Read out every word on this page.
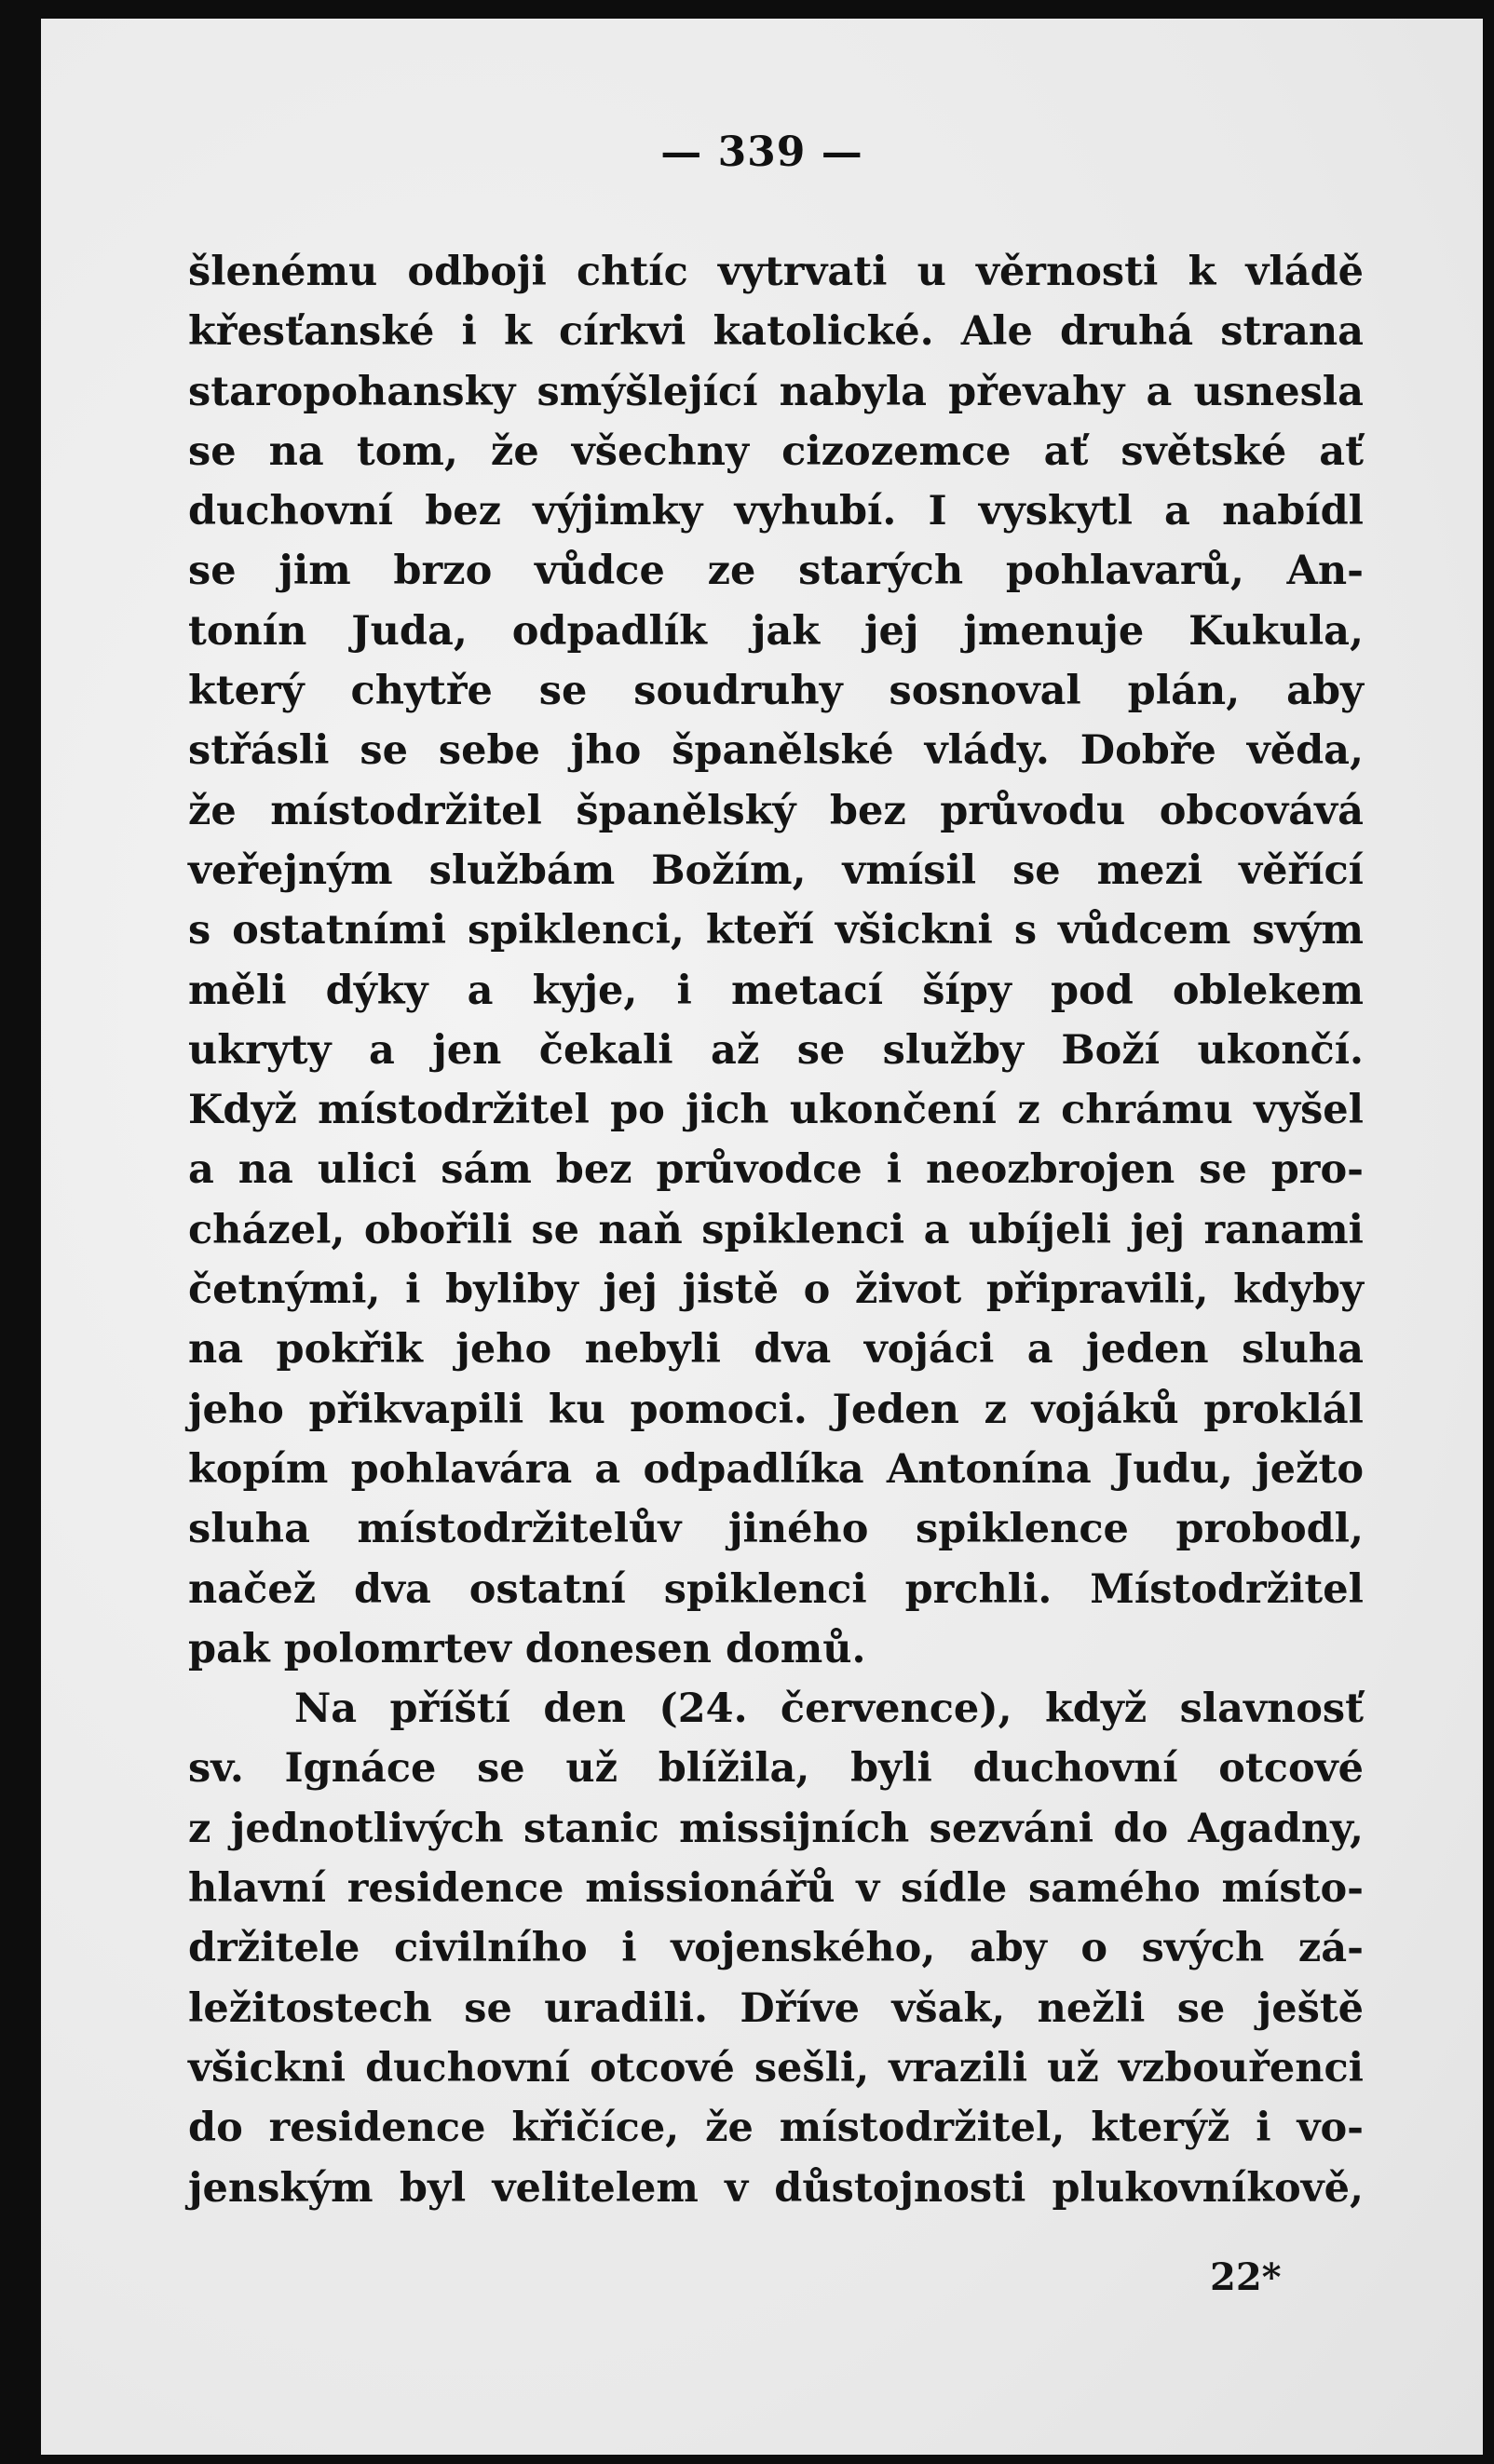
— 339 —
šlenému odboji chtíc vytrvati u věrnosti k vládě
křesťanské i k církvi katolické. Ale druhá strana
staropohansky smýšlející nabyla převahy a usnesla
se na tom, že všechny cizozemce ať světské ať
duchovní bez výjimky vyhubí. I vyskytl a nabídl
se jim brzo vůdce ze starých pohlavarů, An-
tonín Juda, odpadlík jak jej jmenuje Kukula,
který chytře se soudruhy sosnoval plán, aby
střásli se sebe jho španělské vlády. Dobře věda,
že místodržitel španělský bez průvodu obcovává
veřejným službám Božím, vmísil se mezi věřící
s ostatními spiklenci, kteří všickni s vůdcem svým
měli dýky a kyje, i metací šípy pod oblekem
ukryty a jen čekali až se služby Boží ukončí.
Když místodržitel po jich ukončení z chrámu vyšel
a na ulici sám bez průvodce i neozbrojen se pro-
cházel, obořili se naň spiklenci a ubíjeli jej ranami
četnými, i byliby jej jistě o život připravili, kdyby
na pokřik jeho nebyli dva vojáci a jeden sluha
jeho přikvapili ku pomoci. Jeden z vojáků proklál
kopím pohlavára a odpadlíka Antonína Judu, ježto
sluha místodržitelův jiného spiklence probodl,
načež dva ostatní spiklenci prchli. Místodržitel
pak polomrtev donesen domů.
Na příští den (24. července), když slavnosť
sv. Ignáce se už blížila, byli duchovní otcové
z jednotlivých stanic missijních sezváni do Agadny,
hlavní residence missionářů v sídle samého místo-
držitele civilního i vojenského, aby o svých zá-
ležitostech se uradili. Dříve však, nežli se ještě
všickni duchovní otcové sešli, vrazili už vzbouřenci
do residence křičíce, že místodržitel, kterýž i vo-
jenským byl velitelem v důstojnosti plukovníkově,
22*
